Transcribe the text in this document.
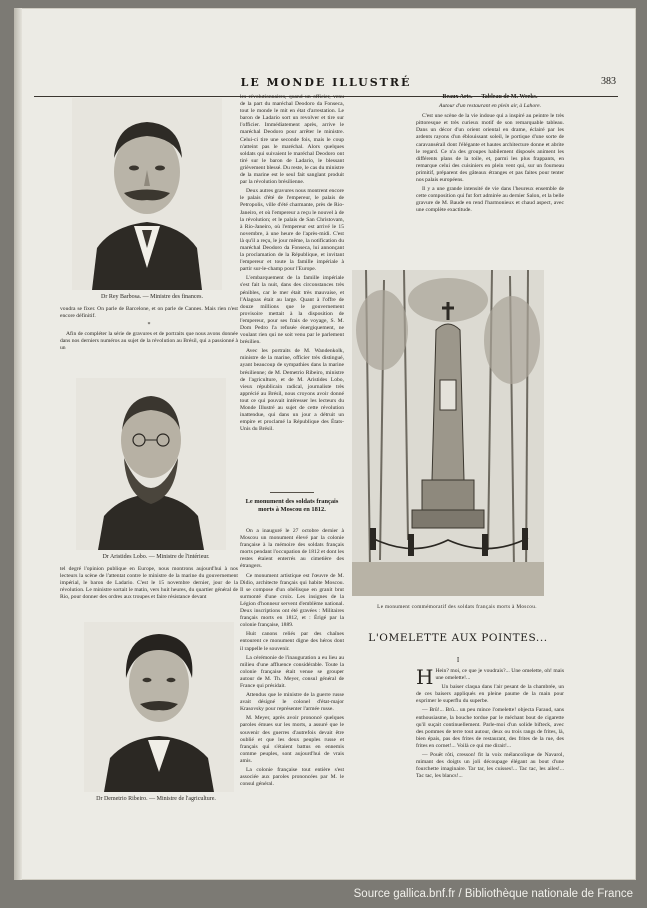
LE MONDE ILLUSTRÉ	383
Dr Rey Barbosa. — Ministre des finances.

voudra se fixer. On parle de Barcelone, et on parle de Cannes. Mais rien n'est encore définitif.

*

Afin de compléter la série de gravures et de portraits que nous avons donnée dans nos derniers numéros au sujet de la révolution au Brésil, qui a passionné à un

Dr Aristides Lobo. — Ministre de l'intérieur.

tel degré l'opinion publique en Europe, nous montrons aujourd'hui à nos lecteurs la scène de l'attentat contre le ministre de la marine du gouvernement impérial, le baron de Ladario. C'est le 15 novembre dernier, jour de la révolution. Le ministre sortait le matin, vers huit heures, du quartier général de Rio, pour donner des ordres aux troupes et faire résistance devant

Dr Demetrio Ribeiro. — Ministre de l'agriculture.

les révolutionnaires, quand un officier, venu de la part du maréchal Deodoro da Fonseca, tout le monde le mit en état d'arrestation. Le baron de Ladario sort un revolver et tire sur l'officier. Immédiatement après, arrive le maréchal Deodoro pour arrêter le ministre. Celui-ci tire une seconde fois, mais le coup n'atteint pas le maréchal. Alors quelques soldats qui suivaient le maréchal Deodoro ont tiré sur le baron de Ladario, le blessant grièvement blessé. Du reste, le cas du ministre de la marine est le seul fait sanglant produit par la révolution brésilienne.

Deux autres gravures nous montrent encore le palais d'été de l'empereur, le palais de Petropolis, ville d'été charmante, près de Rio-Janeiro, et où l'empereur a reçu le nouvel à de la révolution; et le palais de San Christovam, à Rio-Janeiro, où l'empereur est arrivé le 15 novembre, à une heure de l'après-midi. C'est là qu'il a reçu, le jour même, la notification du maréchal Deodoro da Fonseca, lui annonçant la proclamation de la République, et invitant l'empereur et toute la famille impériale à partir sur-le-champ pour l'Europe.

L'embarquement de la famille impériale s'est fait la nuit, dans des circonstances très pénibles, car le mer était très mauvaise, et l'Alagoas était au large. Quant à l'offre de douze millions que le gouvernement provisoire mettait à la disposition de l'empereur, pour ses frais de voyage, S. M. Dom Pedro l'a refusée énergiquement, ne voulant rien qui ne soit venu par le parlement brésilien.

Avec les portraits de M. Wandenkolk, ministre de la marine, officier très distingué, ayant beaucoup de sympathies dans la marine brésilienne; de M. Demetrio Ribeiro, ministre de l'agriculture, et de M. Aristides Lobo, vieux républicain radical, journaliste très apprécié au Brésil, nous croyons avoir donné tout ce qui pouvait intéresser les lecteurs du Monde Illustré au sujet de cette révolution inattendue, qui dans un jour a détruit un empire et proclamé la République des États-Unis du Brésil.

Le monument des soldats français morts à Moscou en 1812.

On a inauguré le 27 octobre dernier à Moscou un monument élevé par la colonie française à la mémoire des soldats français morts pendant l'occupation de 1812 et dont les restes étaient enterrés au cimetière des étrangers.

Ce monument artistique est l'œuvre de M. Didio, architecte français qui habite Moscou. Il se compose d'un obélisque en granit brut surmonté d'une croix. Les insignes de la Légion d'honneur servent d'emblème national. Deux inscriptions ont été gravées : Militaires français morts en 1812, et : Érigé par la colonie française, 1889.

Huit canons reliés par des chaînes entourent ce monument digne des héros dont il rappelle le souvenir.

La cérémonie de l'inauguration a eu lieu au milieu d'une affluence considérable. Toute la colonie française était venue se grouper autour de M. Th. Meyer, consul général de France qui présidait.

Attendus que le ministre de la guerre russe avait désigné le colonel d'état-major Krasovsky pour représenter l'armée russe.

M. Meyer, après avoir prononcé quelques paroles émues sur les morts, a assuré que le souvenir des guerres d'autrefois devait être oublié et que les deux peuples russe et français qui s'étaient battus en ennemis comme peuples, sont aujourd'hui de vrais amis.

La colonie française tout entière s'est associée aux paroles prononcées par M. le consul général.

Beaux Arts. — Tableau de M. Weeks.
Autour d'un restaurant en plein air, à Lahore.

C'est une scène de la vie indoue qui a inspiré au peintre le très pittoresque et très curieux motif de son remarquable tableau. Dans un décor d'un orient oriental en drame, éclairé par les ardents rayons d'un éblouissant soleil, le portique d'une sorte de caravansérail dont l'élégante et hautes architecture donne et abrite le regard. Ce n'a des groupes habilement disposés animent les différents plans de la toile, et, parmi les plus frappants, en remarque celui des cuisiniers en plein vent qui, sur un fourneau primitif, préparent des gâteaux étranges et pas faites pour tenter nos palais européens.

Il y a une grande intensité de vie dans l'heureux ensemble de cette composition qui fut fort admirée au dernier Salon, et la belle gravure de M. Baude en rend l'harmonieux et chaud aspect, avec une complète exactitude.

Le monument commémoratif des soldats français morts à Moscou.
L'OMELETTE AUX POINTES...
I

H Hein? moi, ce que je voudrais?... Une omelette, oh! mais une omelette!...

Un baiser claqua dans l'air pesant de la chambrée, un de ces baisers appliqués en pleine paume de la main pour exprimer le superflu du superbe.

— Brû!... Brû... un peu mince l'omelette! objecta Faraud, sans enthousiasme, la bouche tordue par le méchant bout de cigarette qu'il suçait continuellement. Parle-moi d'un solide bifteck, avec des pommes de terre tout autour, deux ou trois rangs de frites, là, bien épais, pas des frites de restaurant, des frites de la rue, des frites en cornet!... Voilà ce qui me dirait!...

— Pouët rôti, cresson! fit la voix mélancolique de Navarol, mimant des doigts un joli découpage élégant au bout d'une fourchette imaginaire. Tar tar, les cuisses!... Tac tac, les ailes!... Tac tac, les blancs!...

Source gallica.bnf.fr / Bibliothèque nationale de France
